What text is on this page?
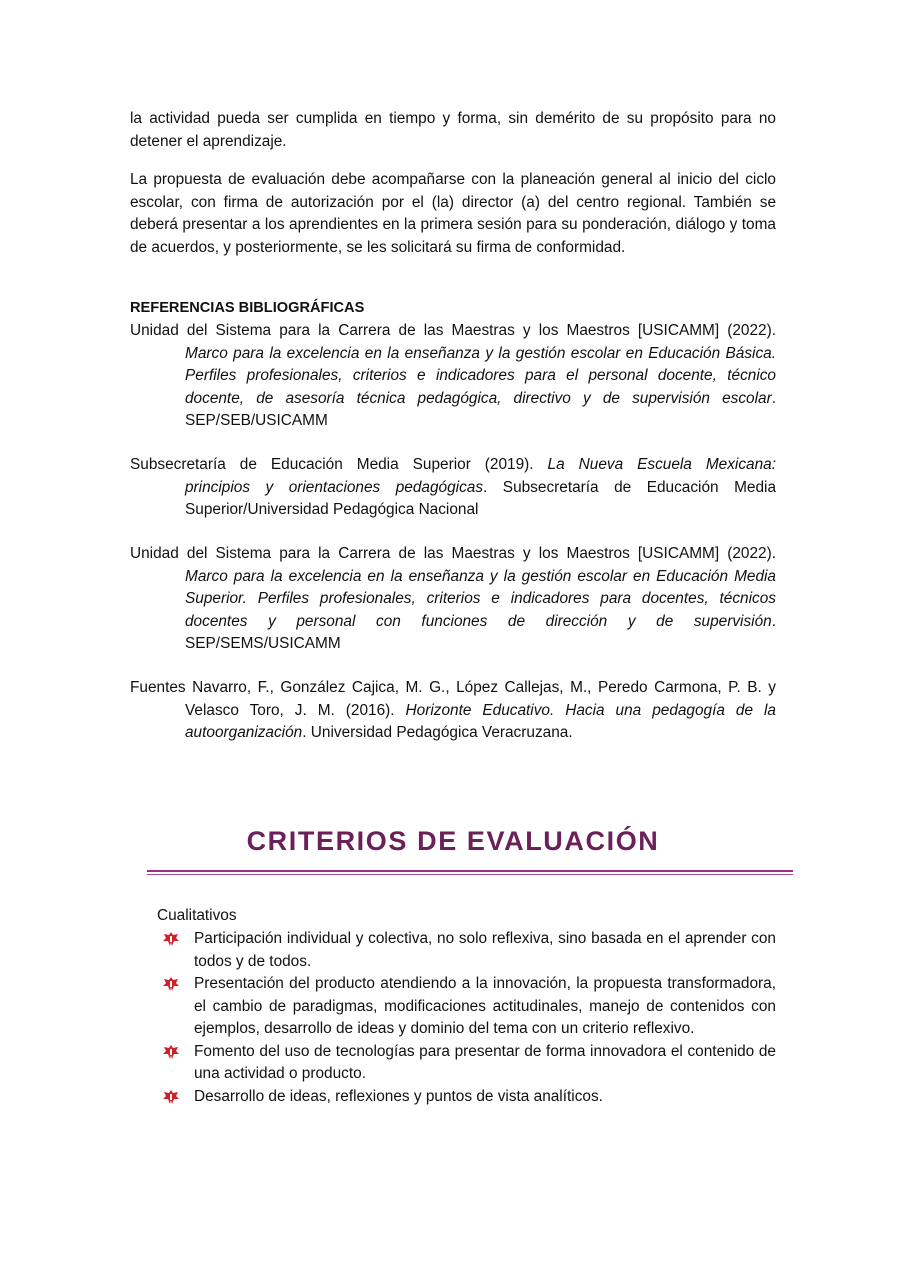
la actividad pueda ser cumplida en tiempo y forma, sin demérito de su propósito para no detener el aprendizaje.

La propuesta de evaluación debe acompañarse con la planeación general al inicio del ciclo escolar, con firma de autorización por el (la) director (a) del centro regional. También se deberá presentar a los aprendientes en la primera sesión para su ponderación, diálogo y toma de acuerdos, y posteriormente, se les solicitará su firma de conformidad.

REFERENCIAS BIBLIOGRÁFICAS
Unidad del Sistema para la Carrera de las Maestras y los Maestros [USICAMM] (2022).
Marco para la excelencia en la enseñanza y la gestión escolar en Educación Básica. Perfiles profesionales, criterios e indicadores para el personal docente, técnico docente, de asesoría técnica pedagógica, directivo y de supervisión escolar. SEP/SEB/USICAMM
Subsecretaría de Educación Media Superior (2019). La Nueva Escuela Mexicana:
principios y orientaciones pedagógicas. Subsecretaría de Educación Media Superior/Universidad Pedagógica Nacional
Unidad del Sistema para la Carrera de las Maestras y los Maestros [USICAMM] (2022).
Marco para la excelencia en la enseñanza y la gestión escolar en Educación Media Superior. Perfiles profesionales, criterios e indicadores para docentes, técnicos docentes y personal con funciones de dirección y de supervisión. SEP/SEMS/USICAMM
Fuentes Navarro, F., González Cajica, M. G., López Callejas, M., Peredo Carmona, P. B. y
Velasco Toro, J. M. (2016). Horizonte Educativo. Hacia una pedagogía de la autoorganización. Universidad Pedagógica Veracruzana.
CRITERIOS DE EVALUACIÓN
Cualitativos
Participación individual y colectiva, no solo reflexiva, sino basada en el aprender con todos y de todos.
Presentación del producto atendiendo a la innovación, la propuesta transformadora, el cambio de paradigmas, modificaciones actitudinales, manejo de contenidos con ejemplos, desarrollo de ideas y dominio del tema con un criterio reflexivo.
Fomento del uso de tecnologías para presentar de forma innovadora el contenido de una actividad o producto.
Desarrollo de ideas, reflexiones y puntos de vista analíticos.
